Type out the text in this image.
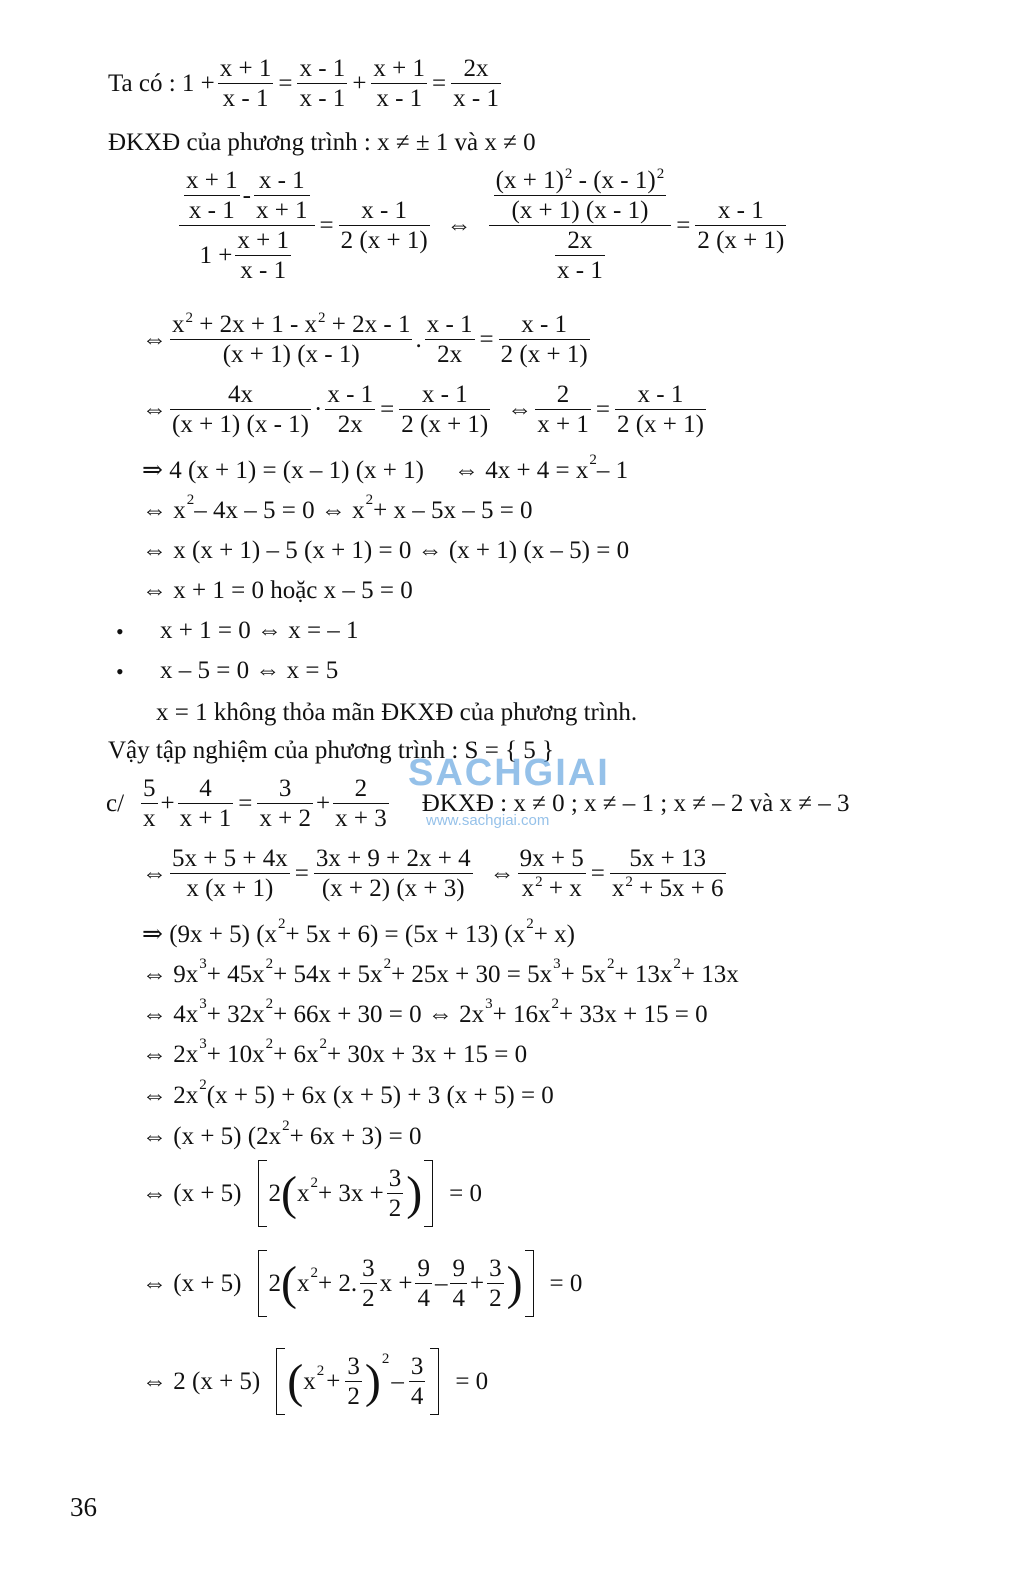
Ta có : $1 + \frac{x + 1}{x - 1} = \frac{x - 1}{x - 1} + \frac{x + 1}{x - 1} = \frac{2x}{x - 1}$
ĐKXĐ của phương trình : x ≠ ± 1 và x ≠ 0
x + 1
x - 1
-
x - 1
x + 1
$1 + \frac{x + 1}{x - 1} = \frac{x - 1}{2 (x + 1)}$ ⇔ $\frac{\frac{(x + 1)^2 - (x - 1)^2}{(x + 1) (x - 1)}}{\frac{2x}{x - 1}} = \frac{x - 1}{2 (x + 1)}$
⇔
$x^2 + 2x + 1 - x^2 + 2x - 1$
(x + 1) (x - 1)
. $\frac{x - 1}{2x} = \frac{x - 1}{2 (x + 1)}$
⇔
4x
(x + 1) (x - 1)
· $\frac{x - 1}{2x} = \frac{x - 1}{2 (x + 1)}$ ⇔ $\frac{2}{x + 1} = \frac{x - 1}{2 (x + 1)}$
⇒ 4 (x + 1) = (x – 1) (x + 1) ⇔ 4x + 4 = x 2 – 1
⇔ x 2 – 4x – 5 = 0 ⇔ x 2 + x – 5x – 5 = 0
⇔ x (x + 1) – 5 (x + 1) = 0 ⇔ (x + 1) (x – 5) = 0
⇔ x + 1 = 0 hoặc x – 5 = 0
• x + 1 = 0 ⇔ x = – 1
• x – 5 = 0 ⇔ x = 5
x = 1 không thỏa mãn ĐKXĐ của phương trình.
Vậy tập nghiệm của phương trình : S = { 5 }
c/
5
x
+ $\frac{4}{x + 1} = \frac{3}{x + 2} + \frac{2}{x + 3}$ ĐKXĐ : x ≠ 0 ; x ≠ – 1 ; x ≠ – 2 và x ≠ – 3
⇔ $\frac{5x + 5 + 4x}{x (x + 1)} = \frac{3x + 9 + 2x + 4}{(x + 2) (x + 3)}$ ⇔ $\frac{9x + 5}{x^2 + x} = \frac{5x + 13}{x^2 + 5x + 6}$
⇒ (9x + 5) (x 2 + 5x + 6) = (5x + 13) (x 2 + x)
⇔ 9x 3 + 45x 2 + 54x + 5x 2 + 25x + 30 = 5x 3 + 5x 2 + 13x 2 + 13x
⇔ 4x 3 + 32x 2 + 66x + 30 = 0 ⇔ 2x 3 + 16x 2 + 33x + 15 = 0
⇔ 2x 3 + 10x 2 + 6x 2 + 30x + 3x + 15 = 0
⇔ 2x 2 (x + 5) + 6x (x + 5) + 3 (x + 5) = 0
⇔ (x + 5) (2x 2 + 6x + 3) = 0
⇔ (x + 5) 2 ( x $2 + 3x + \frac{3}{2}$ ) = 0
⇔ (x + 5) 2 ( x 2 + 2.
3
2
$x + \frac{9}{4}$ –
9
4
+ $\frac{3}{2}$ ) = 0
⇔ 2 (x + 5) ( x $2 + \frac{3}{2}$ ) 2
–
3
4
= 0
SACHGIAI
www.sachgiai.com
36
